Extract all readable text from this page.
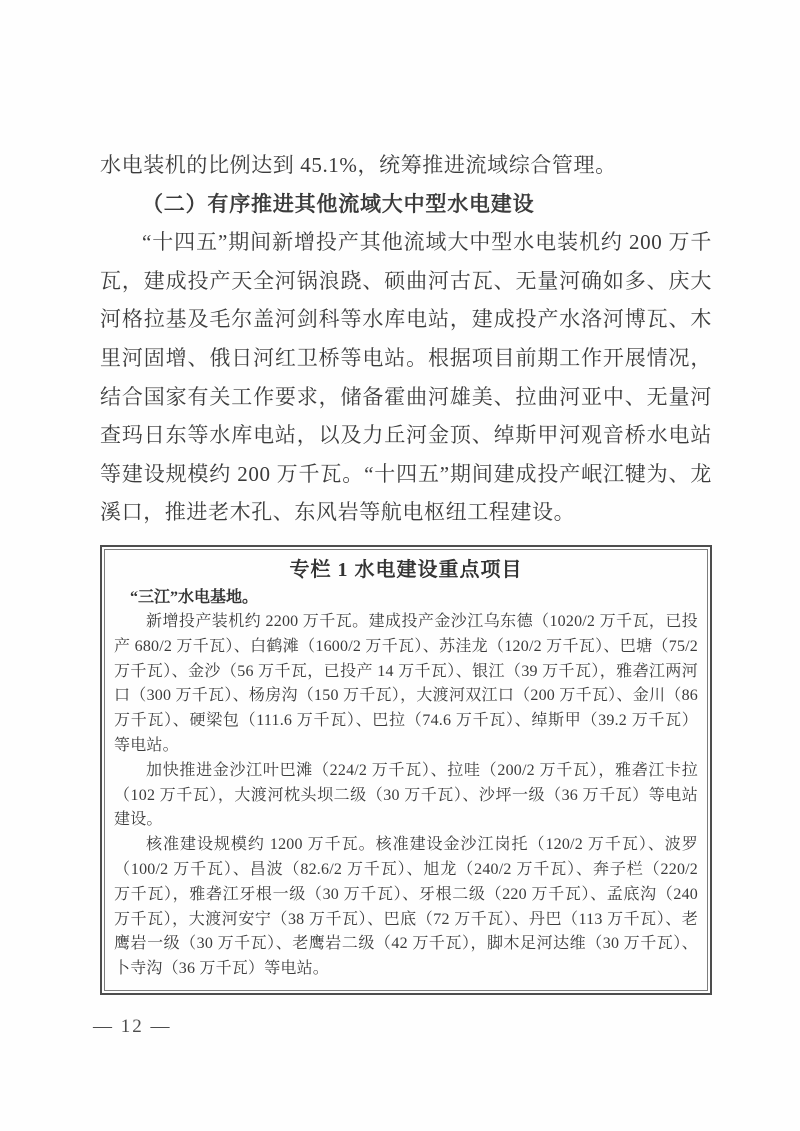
水电装机的比例达到 45.1%，统筹推进流域综合管理。

（二）有序推进其他流域大中型水电建设

“十四五”期间新增投产其他流域大中型水电装机约 200 万千瓦，建成投产天全河锅浪跷、硕曲河古瓦、无量河确如多、庆大河格拉基及毛尔盖河剑科等水库电站，建成投产水洛河博瓦、木里河固增、俄日河红卫桥等电站。根据项目前期工作开展情况，结合国家有关工作要求，储备霍曲河雄美、拉曲河亚中、无量河查玛日东等水库电站，以及力丘河金顶、绰斯甲河观音桥水电站等建设规模约 200 万千瓦。“十四五”期间建成投产岷江犍为、龙溪口，推进老木孔、东风岩等航电枢纽工程建设。

专栏 1 水电建设重点项目

“三江”水电基地。

新增投产装机约 2200 万千瓦。建成投产金沙江乌东德（1020/2 万千瓦，已投产 680/2 万千瓦）、白鹤滩（1600/2 万千瓦）、苏洼龙（120/2 万千瓦）、巴塘（75/2 万千瓦）、金沙（56 万千瓦，已投产 14 万千瓦）、银江（39 万千瓦），雅砻江两河口（300 万千瓦）、杨房沟（150 万千瓦），大渡河双江口（200 万千瓦）、金川（86 万千瓦）、硬梁包（111.6 万千瓦）、巴拉（74.6 万千瓦）、绰斯甲（39.2 万千瓦）等电站。

加快推进金沙江叶巴滩（224/2 万千瓦）、拉哇（200/2 万千瓦），雅砻江卡拉（102 万千瓦），大渡河枕头坝二级（30 万千瓦）、沙坪一级（36 万千瓦）等电站建设。

核准建设规模约 1200 万千瓦。核准建设金沙江岗托（120/2 万千瓦）、波罗（100/2 万千瓦）、昌波（82.6/2 万千瓦）、旭龙（240/2 万千瓦）、奔子栏（220/2 万千瓦），雅砻江牙根一级（30 万千瓦）、牙根二级（220 万千瓦）、孟底沟（240 万千瓦），大渡河安宁（38 万千瓦）、巴底（72 万千瓦）、丹巴（113 万千瓦）、老鹰岩一级（30 万千瓦）、老鹰岩二级（42 万千瓦），脚木足河达维（30 万千瓦）、卜寺沟（36 万千瓦）等电站。

— 12 —
